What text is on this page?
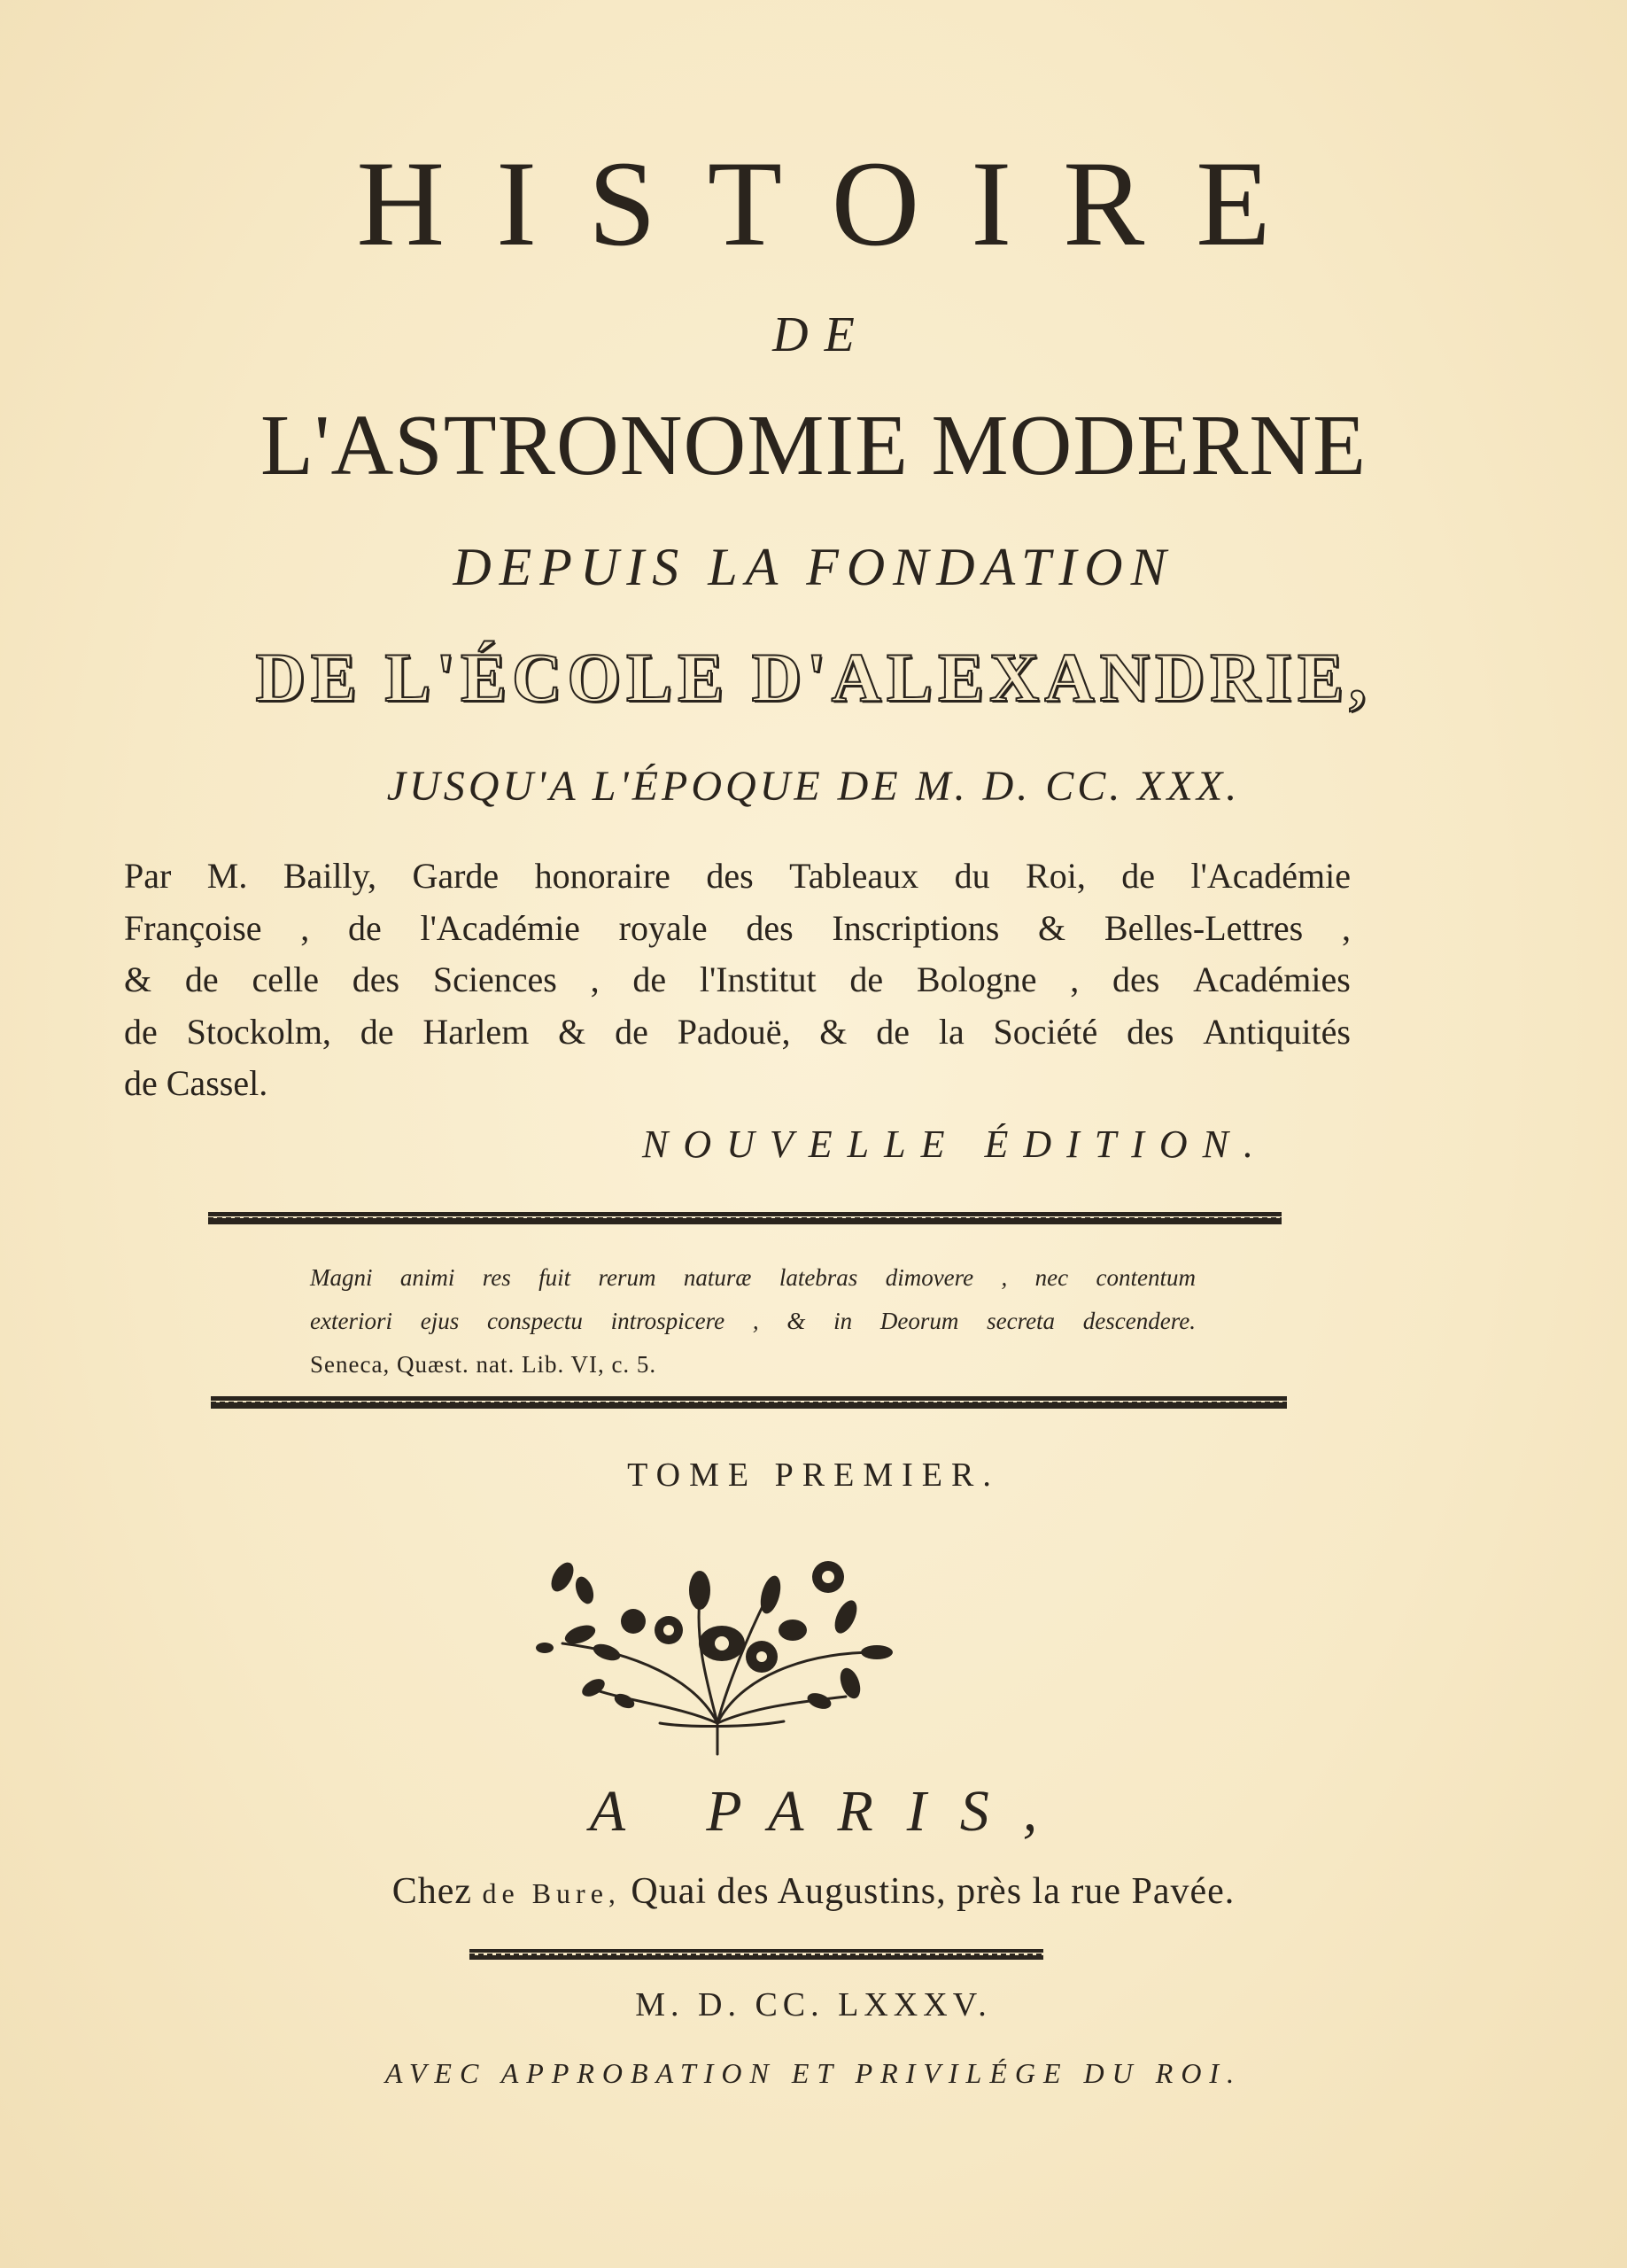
HISTOIRE
DE
L'ASTRONOMIE MODERNE
DEPUIS LA FONDATION
DE L'ÉCOLE D'ALEXANDRIE,
JUSQU'A L'ÉPOQUE DE M. D. CC. XXX.
Par M. Bailly, Garde honoraire des Tableaux du Roi, de l'Académie
Françoise , de l'Académie royale des Inscriptions & Belles-Lettres ,
& de celle des Sciences , de l'Institut de Bologne , des Académies
de Stockolm, de Harlem & de Padouë, & de la Société des Antiquités
de Cassel.
NOUVELLE ÉDITION.
Magni animi res fuit rerum naturæ latebras dimovere , nec contentum
exteriori ejus conspectu introspicere , & in Deorum secreta descendere.
Seneca, Quæst. nat. Lib. VI, c. 5.
TOME PREMIER.
A PARIS,
Chez de Bure, Quai des Augustins, près la rue Pavée.
M. D. CC. LXXXV.
AVEC APPROBATION ET PRIVILÉGE DU ROI.
